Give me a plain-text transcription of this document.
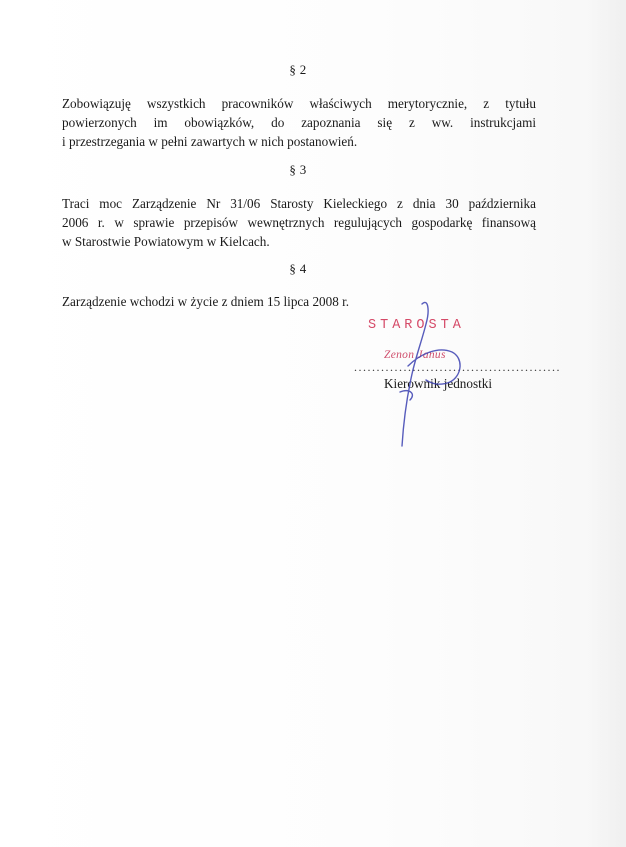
§ 2
Zobowiązuję wszystkich pracowników właściwych merytorycznie, z tytułu
powierzonych im obowiązków, do zapoznania się z ww. instrukcjami
i przestrzegania w pełni zawartych w nich postanowień.
§ 3
Traci moc Zarządzenie Nr 31/06 Starosty Kieleckiego z dnia 30 października
2006 r. w sprawie przepisów wewnętrznych regulujących gospodarkę finansową
w Starostwie Powiatowym w Kielcach.
§ 4
Zarządzenie wchodzi w życie z dniem 15 lipca 2008 r.
STAROSTA
Zenon Janus
..............................................
Kierownik jednostki
